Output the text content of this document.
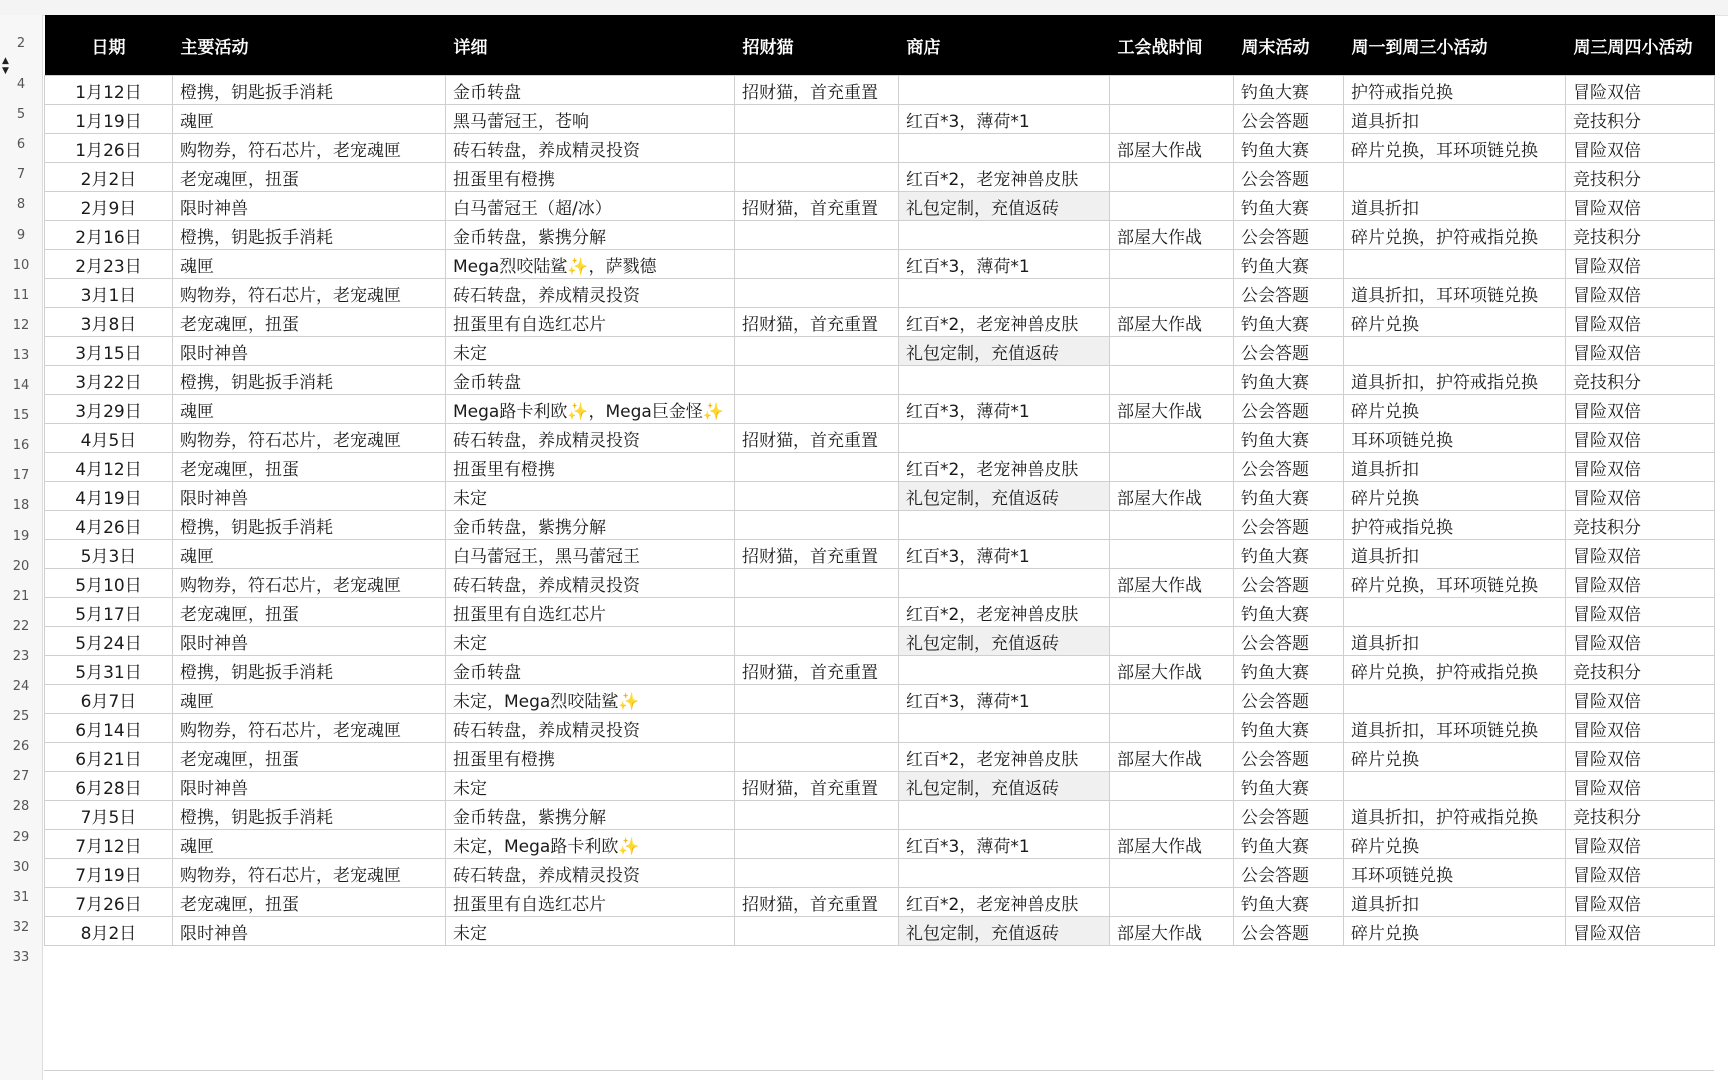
▲
▼
2
4
5
6
7
8
9
10
11
12
13
14
15
16
17
18
19
20
21
22
23
24
25
26
27
28
29
30
31
32
33
日期	主要活动	详细	招财猫	商店	工会战时间	周末活动	周一到周三小活动	周三周四小活动
1月12日	橙携，钥匙扳手消耗	金币转盘	招财猫，首充重置			钓鱼大赛	护符戒指兑换	冒险双倍
1月19日	魂匣	黑马蕾冠王，苍响		红百*3，薄荷*1		公会答题	道具折扣	竞技积分
1月26日	购物券，符石芯片，老宠魂匣	砖石转盘，养成精灵投资			部屋大作战	钓鱼大赛	碎片兑换，耳环项链兑换	冒险双倍
2月2日	老宠魂匣，扭蛋	扭蛋里有橙携		红百*2，老宠神兽皮肤		公会答题		竞技积分
2月9日	限时神兽	白马蕾冠王（超/冰）	招财猫，首充重置	礼包定制，充值返砖		钓鱼大赛	道具折扣	冒险双倍
2月16日	橙携，钥匙扳手消耗	金币转盘，紫携分解			部屋大作战	公会答题	碎片兑换，护符戒指兑换	竞技积分
2月23日	魂匣	Mega烈咬陆鲨✨，萨戮德		红百*3，薄荷*1		钓鱼大赛		冒险双倍
3月1日	购物券，符石芯片，老宠魂匣	砖石转盘，养成精灵投资				公会答题	道具折扣，耳环项链兑换	冒险双倍
3月8日	老宠魂匣，扭蛋	扭蛋里有自选红芯片	招财猫，首充重置	红百*2，老宠神兽皮肤	部屋大作战	钓鱼大赛	碎片兑换	冒险双倍
3月15日	限时神兽	未定		礼包定制，充值返砖		公会答题		冒险双倍
3月22日	橙携，钥匙扳手消耗	金币转盘				钓鱼大赛	道具折扣，护符戒指兑换	竞技积分
3月29日	魂匣	Mega路卡利欧✨，Mega巨金怪✨		红百*3，薄荷*1	部屋大作战	公会答题	碎片兑换	冒险双倍
4月5日	购物券，符石芯片，老宠魂匣	砖石转盘，养成精灵投资	招财猫，首充重置			钓鱼大赛	耳环项链兑换	冒险双倍
4月12日	老宠魂匣，扭蛋	扭蛋里有橙携		红百*2，老宠神兽皮肤		公会答题	道具折扣	冒险双倍
4月19日	限时神兽	未定		礼包定制，充值返砖	部屋大作战	钓鱼大赛	碎片兑换	冒险双倍
4月26日	橙携，钥匙扳手消耗	金币转盘，紫携分解				公会答题	护符戒指兑换	竞技积分
5月3日	魂匣	白马蕾冠王，黑马蕾冠王	招财猫，首充重置	红百*3，薄荷*1		钓鱼大赛	道具折扣	冒险双倍
5月10日	购物券，符石芯片，老宠魂匣	砖石转盘，养成精灵投资			部屋大作战	公会答题	碎片兑换，耳环项链兑换	冒险双倍
5月17日	老宠魂匣，扭蛋	扭蛋里有自选红芯片		红百*2，老宠神兽皮肤		钓鱼大赛		冒险双倍
5月24日	限时神兽	未定		礼包定制，充值返砖		公会答题	道具折扣	冒险双倍
5月31日	橙携，钥匙扳手消耗	金币转盘	招财猫，首充重置		部屋大作战	钓鱼大赛	碎片兑换，护符戒指兑换	竞技积分
6月7日	魂匣	未定，Mega烈咬陆鲨✨		红百*3，薄荷*1		公会答题		冒险双倍
6月14日	购物券，符石芯片，老宠魂匣	砖石转盘，养成精灵投资				钓鱼大赛	道具折扣，耳环项链兑换	冒险双倍
6月21日	老宠魂匣，扭蛋	扭蛋里有橙携		红百*2，老宠神兽皮肤	部屋大作战	公会答题	碎片兑换	冒险双倍
6月28日	限时神兽	未定	招财猫，首充重置	礼包定制，充值返砖		钓鱼大赛		冒险双倍
7月5日	橙携，钥匙扳手消耗	金币转盘，紫携分解				公会答题	道具折扣，护符戒指兑换	竞技积分
7月12日	魂匣	未定，Mega路卡利欧✨		红百*3，薄荷*1	部屋大作战	钓鱼大赛	碎片兑换	冒险双倍
7月19日	购物券，符石芯片，老宠魂匣	砖石转盘，养成精灵投资				公会答题	耳环项链兑换	冒险双倍
7月26日	老宠魂匣，扭蛋	扭蛋里有自选红芯片	招财猫，首充重置	红百*2，老宠神兽皮肤		钓鱼大赛	道具折扣	冒险双倍
8月2日	限时神兽	未定		礼包定制，充值返砖	部屋大作战	公会答题	碎片兑换	冒险双倍
